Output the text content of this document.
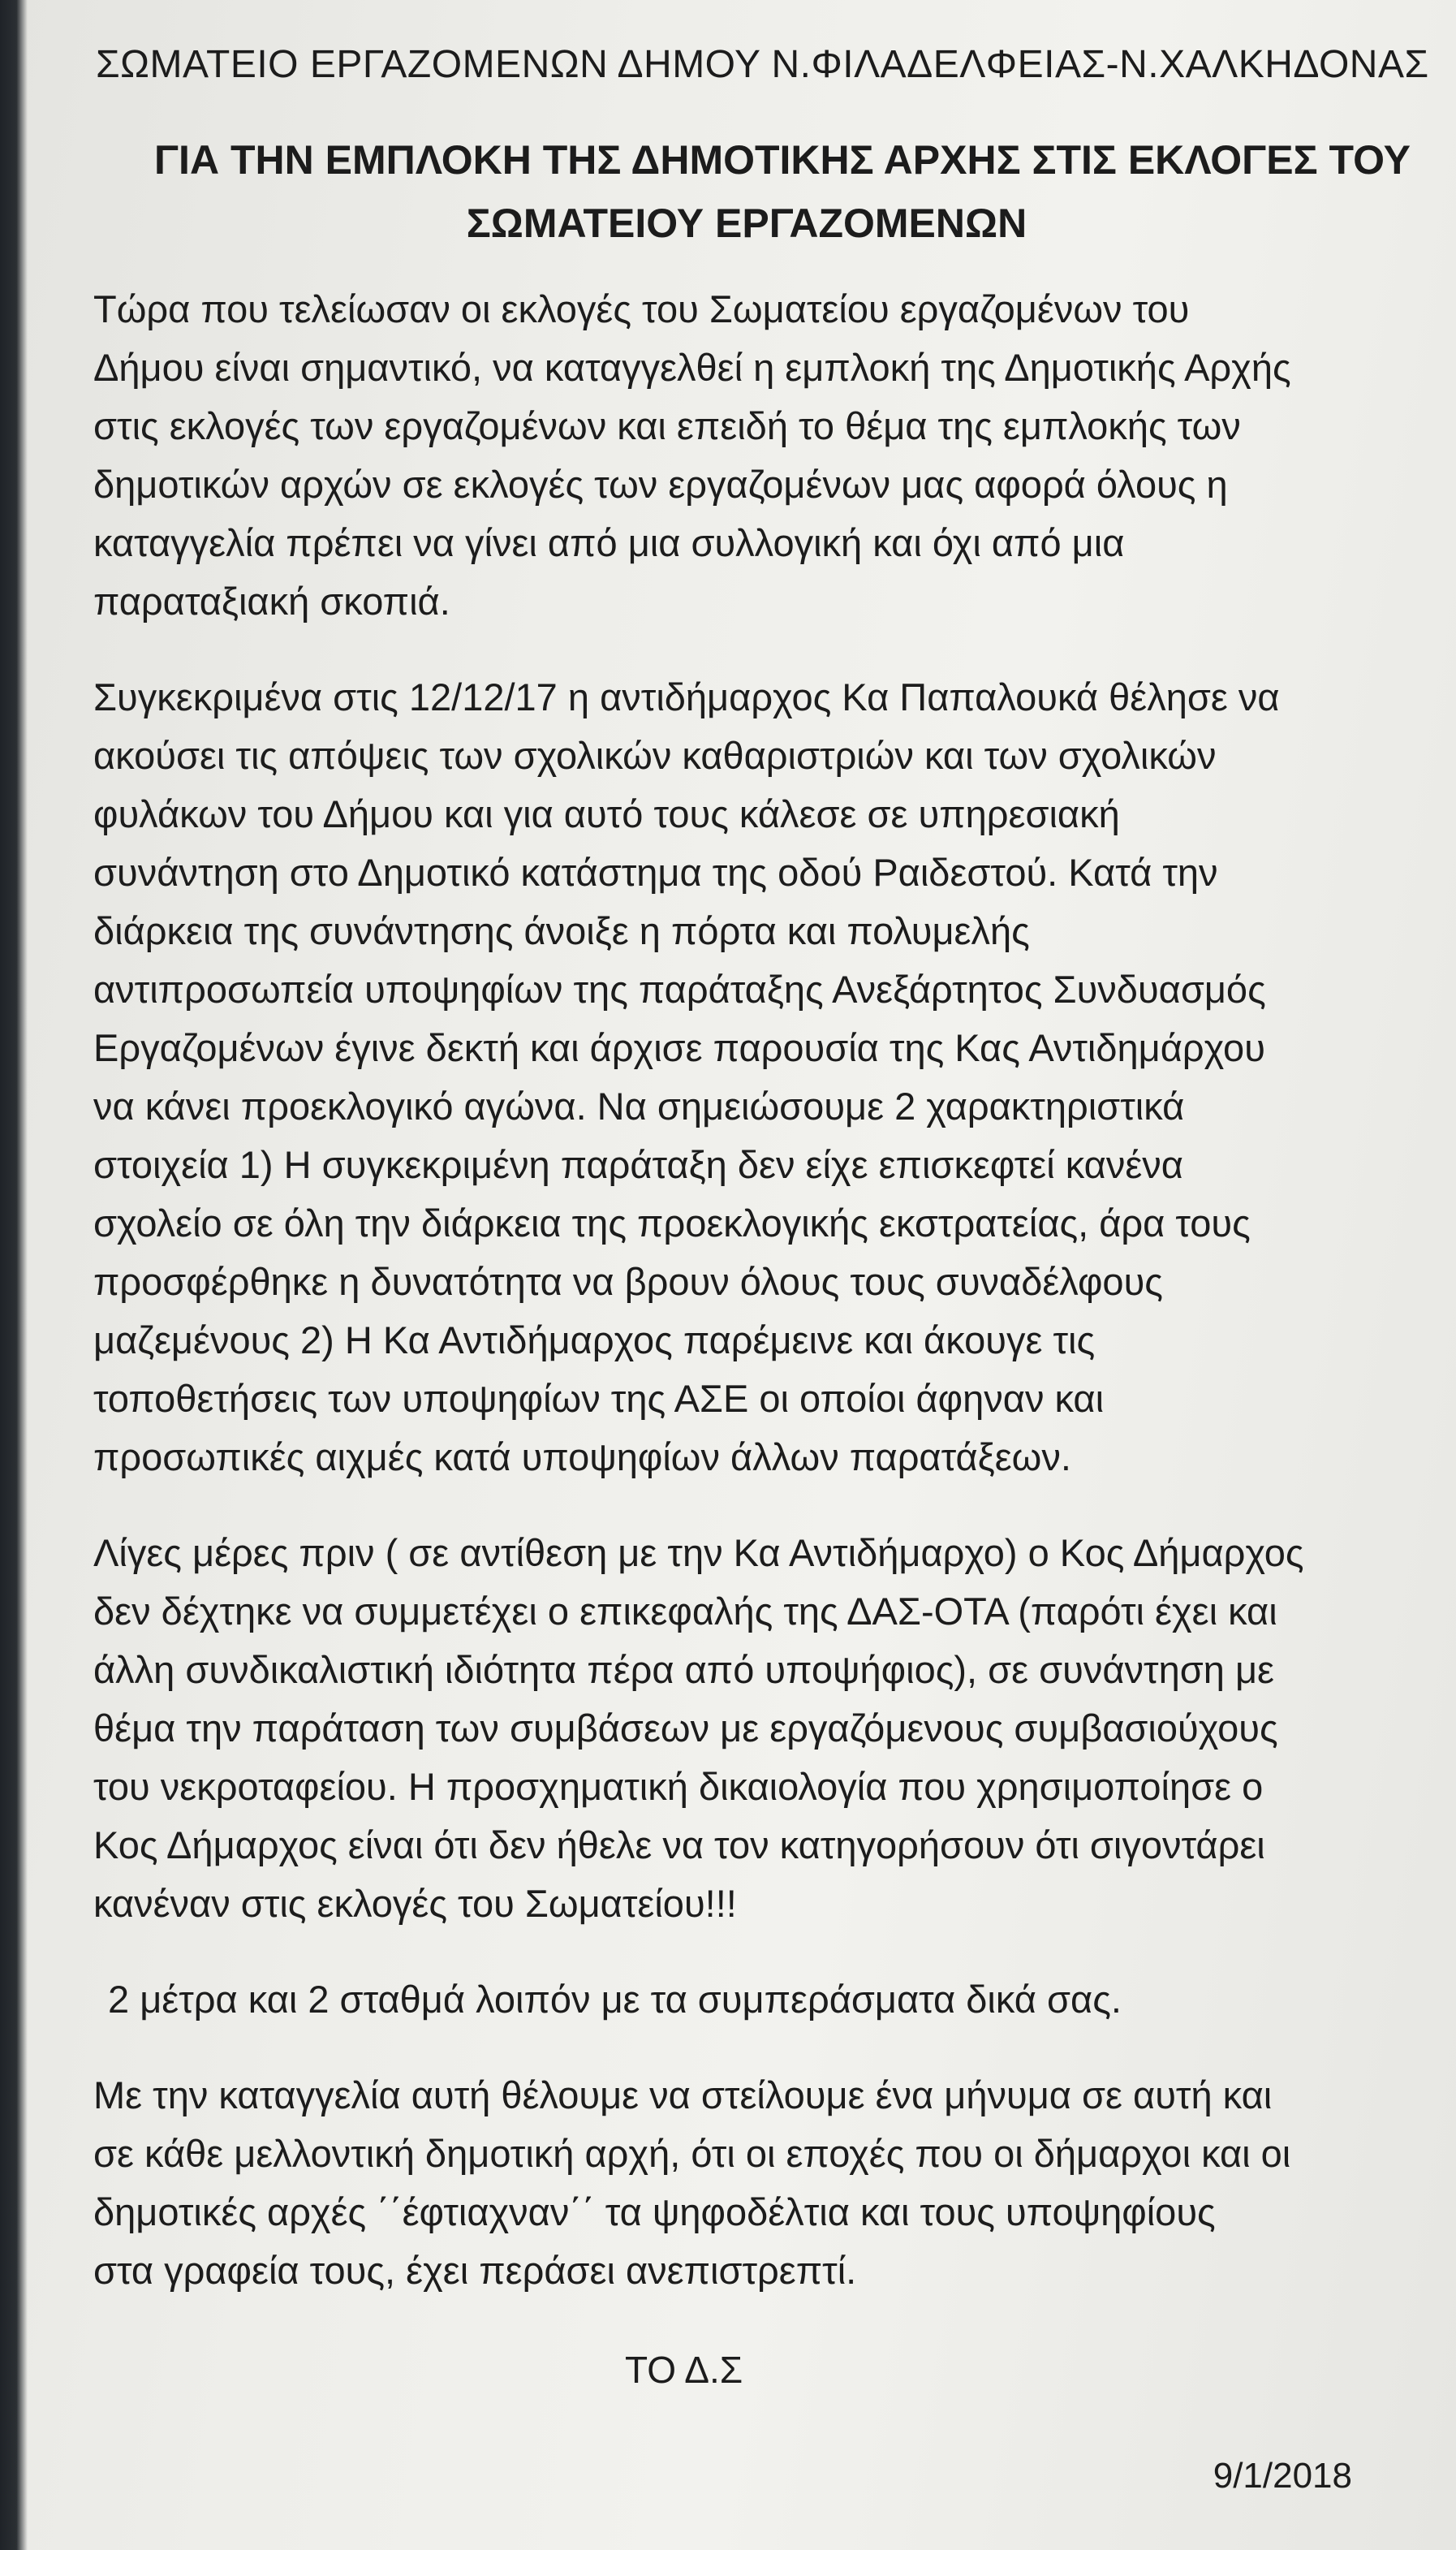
ΣΩΜΑΤΕΙΟ ΕΡΓΑΖΟΜΕΝΩΝ ΔΗΜΟΥ Ν.ΦΙΛΑΔΕΛΦΕΙΑΣ-Ν.ΧΑΛΚΗΔΟΝΑΣ
ΓΙΑ ΤΗΝ ΕΜΠΛΟΚΗ ΤΗΣ ΔΗΜΟΤΙΚΗΣ ΑΡΧΗΣ ΣΤΙΣ ΕΚΛΟΓΕΣ ΤΟΥ
ΣΩΜΑΤΕΙΟΥ ΕΡΓΑΖΟΜΕΝΩΝ
Τώρα που τελείωσαν οι εκλογές του Σωματείου εργαζομένων του
Δήμου είναι σημαντικό, να καταγγελθεί η εμπλοκή της Δημοτικής Αρχής
στις εκλογές των εργαζομένων και επειδή το θέμα της εμπλοκής των
δημοτικών αρχών σε εκλογές των εργαζομένων μας αφορά όλους η
καταγγελία πρέπει να γίνει από μια συλλογική και όχι από μια
παραταξιακή σκοπιά.
Συγκεκριμένα στις 12/12/17 η αντιδήμαρχος Κα Παπαλουκά θέλησε να
ακούσει τις απόψεις των σχολικών καθαριστριών και των σχολικών
φυλάκων του Δήμου και για αυτό τους κάλεσε σε υπηρεσιακή
συνάντηση στο Δημοτικό κατάστημα της οδού Ραιδεστού. Κατά την
διάρκεια της συνάντησης άνοιξε η πόρτα και πολυμελής
αντιπροσωπεία υποψηφίων της παράταξης Ανεξάρτητος Συνδυασμός
Εργαζομένων έγινε δεκτή και άρχισε παρουσία της Κας Αντιδημάρχου
να κάνει προεκλογικό αγώνα. Να σημειώσουμε 2 χαρακτηριστικά
στοιχεία 1) Η συγκεκριμένη παράταξη δεν είχε επισκεφτεί κανένα
σχολείο σε όλη την διάρκεια της προεκλογικής εκστρατείας, άρα τους
προσφέρθηκε η δυνατότητα να βρουν όλους τους συναδέλφους
μαζεμένους 2) Η Κα Αντιδήμαρχος παρέμεινε και άκουγε τις
τοποθετήσεις των υποψηφίων της ΑΣΕ οι οποίοι άφηναν και
προσωπικές αιχμές κατά υποψηφίων άλλων παρατάξεων.
Λίγες μέρες πριν ( σε αντίθεση με την Κα Αντιδήμαρχο) ο Κος Δήμαρχος
δεν δέχτηκε να συμμετέχει ο επικεφαλής της ΔΑΣ-ΟΤΑ (παρότι έχει και
άλλη συνδικαλιστική ιδιότητα πέρα από υποψήφιος), σε συνάντηση με
θέμα την παράταση των συμβάσεων με εργαζόμενους συμβασιούχους
του νεκροταφείου. Η προσχηματική δικαιολογία που χρησιμοποίησε ο
Κος Δήμαρχος είναι ότι δεν ήθελε να τον κατηγορήσουν ότι σιγοντάρει
κανέναν στις εκλογές του Σωματείου!!!
2 μέτρα και 2 σταθμά λοιπόν με τα συμπεράσματα δικά σας.
Με την καταγγελία αυτή θέλουμε να στείλουμε ένα μήνυμα σε αυτή και
σε κάθε μελλοντική δημοτική αρχή, ότι οι εποχές που οι δήμαρχοι και οι
δημοτικές αρχές ΄΄έφτιαχναν΄΄ τα ψηφοδέλτια και τους υποψηφίους
στα γραφεία τους, έχει περάσει ανεπιστρεπτί.
ΤΟ Δ.Σ
9/1/2018
